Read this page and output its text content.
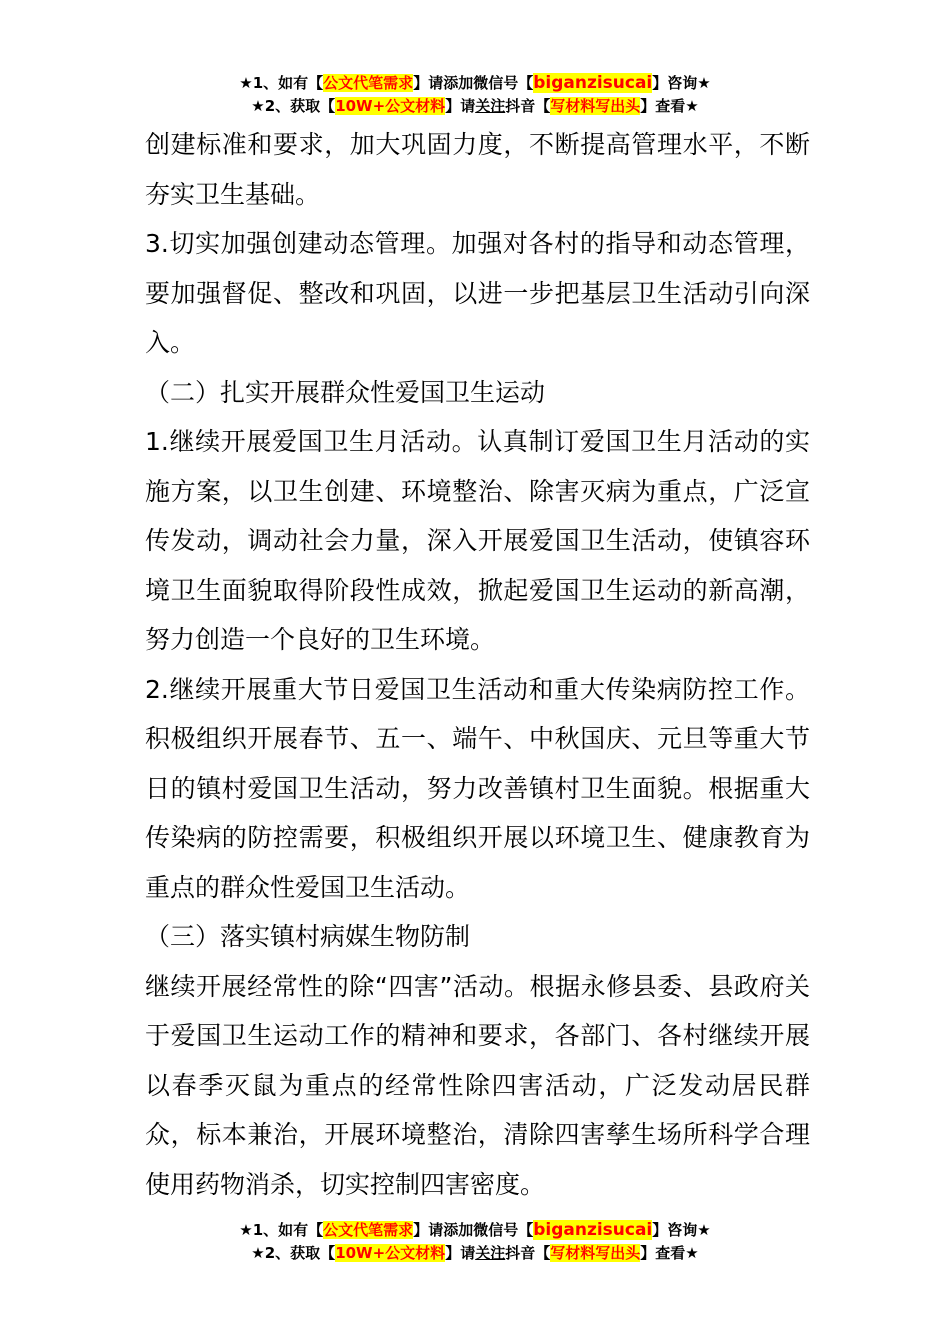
★1、如有【公文代笔需求】请添加微信号【biganzisucai】咨询★
★2、获取【10W+公文材料】请关注抖音【写材料写出头】查看★

创建标准和要求，加大巩固力度，不断提高管理水平，不断夯实卫生基础。

3.切实加强创建动态管理。加强对各村的指导和动态管理，要加强督促、整改和巩固，以进一步把基层卫生活动引向深入。

（二）扎实开展群众性爱国卫生运动

1.继续开展爱国卫生月活动。认真制订爱国卫生月活动的实施方案，以卫生创建、环境整治、除害灭病为重点，广泛宣传发动，调动社会力量，深入开展爱国卫生活动，使镇容环境卫生面貌取得阶段性成效，掀起爱国卫生运动的新高潮，努力创造一个良好的卫生环境。

2.继续开展重大节日爱国卫生活动和重大传染病防控工作。积极组织开展春节、五一、端午、中秋国庆、元旦等重大节日的镇村爱国卫生活动，努力改善镇村卫生面貌。根据重大传染病的防控需要，积极组织开展以环境卫生、健康教育为重点的群众性爱国卫生活动。

（三）落实镇村病媒生物防制

继续开展经常性的除“四害”活动。根据永修县委、县政府关于爱国卫生运动工作的精神和要求，各部门、各村继续开展以春季灭鼠为重点的经常性除四害活动，广泛发动居民群众，标本兼治，开展环境整治，清除四害孳生场所科学合理使用药物消杀，切实控制四害密度。

★1、如有【公文代笔需求】请添加微信号【biganzisucai】咨询★
★2、获取【10W+公文材料】请关注抖音【写材料写出头】查看★
